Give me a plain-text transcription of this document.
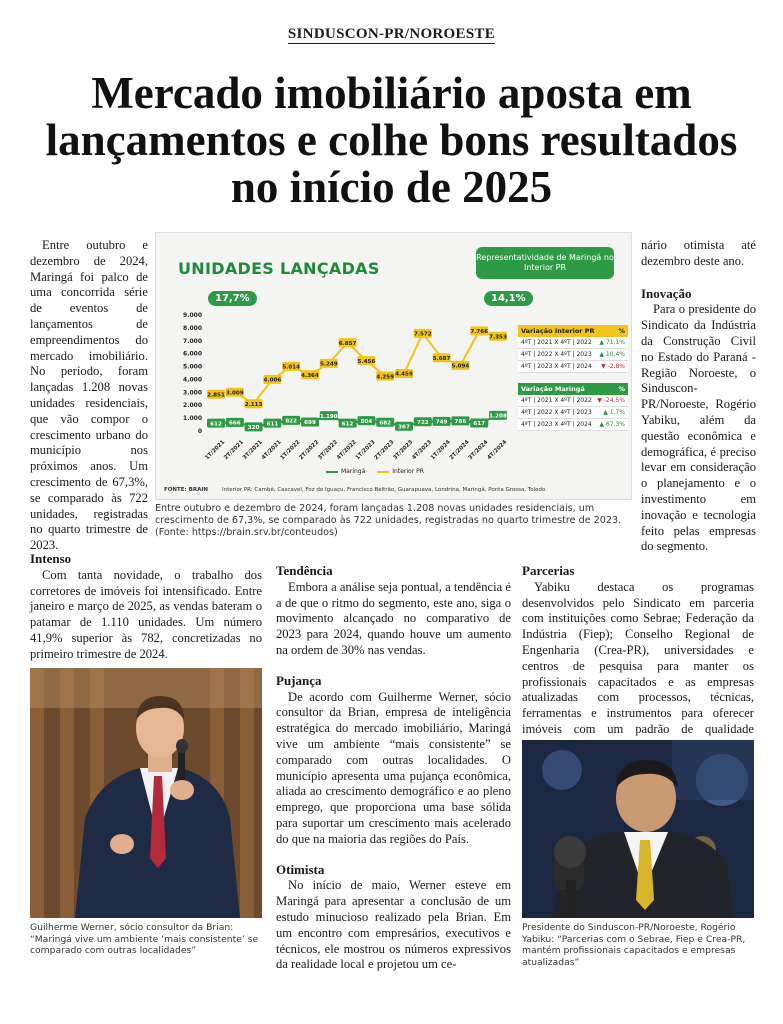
SINDUSCON-PR/NOROESTE
Mercado imobiliário aposta em lançamentos e colhe bons resultados no início de 2025

Entre outubro e dezembro de 2024, Maringá foi palco de uma concorrida série de eventos de lançamentos de empreendimentos do mercado imobiliário. No período, foram lançadas 1.208 novas unidades residenciais, que vão compor o crescimento urbano do município nos próximos anos. Um crescimento de 67,3%, se comparado às 722 unidades, registradas no quarto trimestre de 2023.

nário otimista até dezembro deste ano.

Inovação

Para o presidente do Sindicato da Indústria da Construção Civil no Estado do Paraná - Região Noroeste, o Sinduscon-PR/Noroeste, Rogério Yabiku, além da questão econômica e demográfica, é preciso levar em consideração o planejamento e o investimento em inovação e tecnologia feito pelas empresas do segmento.

UNIDADES LANÇADAS
Representatividade de Maringá no Interior PR
17,7%	14,1%
9.000
8.000
7.000
6.000
5.000
4.000
3.000
2.000
1.000
0
1T/2021
2T/2021
3T/2021
4T/2021
1T/2022
2T/2022
3T/2022
4T/2022
1T/2023
2T/2023
3T/2023
4T/2023
1T/2024
2T/2024
3T/2024
4T/2024
612 666
320
611 822 699
1.190
612 804 682
367
722 749 786 617
1.208
2.851 3.009
2.113
4.006
5.014
4.364
5.249
6.857
5.456
4.259 4.459
7.572
5.687
5.094
7.766
7.353
Variação Interior PR	%
4ºT | 2021 X 4ºT | 2022 ▲ 71,1%
4ºT | 2022 X 4ºT | 2023 ▲ 10,4%
4ºT | 2023 X 4ºT | 2024 ▼ -2,8%
Variação Maringá	%
4ºT | 2021 X 4ºT | 2022 ▼ -24,5%
4ºT | 2022 X 4ºT | 2023 ▲ 1,7%
4ºT | 2023 X 4ºT | 2024 ▲ 67,3%
Maringá	Interior PR
FONTE: BRAIN	Interior PR: Cambé, Cascavel, Foz do Iguaçu, Francisco Beltrão, Guarapuava, Londrina, Maringá, Ponta Grossa, Toledo
Entre outubro e dezembro de 2024, foram lançadas 1.208 novas unidades residenciais, um crescimento de 67,3%, se comparado às 722 unidades, registradas no quarto trimestre de 2023. (Fonte: https://brain.srv.br/conteudos)
Intenso

Com tanta novidade, o trabalho dos corretores de imóveis foi intensificado. Entre janeiro e março de 2025, as vendas bateram o patamar de 1.110 unidades. Um número 41,9% superior às 782, concretizadas no primeiro trimestre de 2024.

Tendência

Embora a análise seja pontual, a tendência é a de que o ritmo do segmento, este ano, siga o movimento alcançado no comparativo de 2023 para 2024, quando houve um aumento na ordem de 30% nas vendas.

Pujança

De acordo com Guilherme Werner, sócio consultor da Brian, empresa de inteligência estratégica do mercado imobiliário, Maringá vive um ambiente “mais consistente” se comparado com outras localidades. O município apresenta uma pujança econômica, aliada ao crescimento demográfico e ao pleno emprego, que proporciona uma base sólida para suportar um crescimento mais acelerado do que na maioria das regiões do País.

Otimista

No início de maio, Werner esteve em Maringá para apresentar a conclusão de um estudo minucioso realizado pela Brian. Em um encontro com empresários, executivos e técnicos, ele mostrou os números expressivos da realidade local e projetou um ce-

Parcerias

Yabiku destaca os programas desenvolvidos pelo Sindicato em parceria com instituições como Sebrae; Federação da Indústria (Fiep); Conselho Regional de Engenharia (Crea-PR), universidades e centros de pesquisa para manter os profissionais capacitados e as empresas atualizadas com processos, técnicas, ferramentas e instrumentos para oferecer imóveis com um padrão de qualidade

Guilherme Werner, sócio consultor da Brian: “Maringá vive um ambiente ‘mais consistente’ se comparado com outras localidades”
Presidente do Sinduscon-PR/Noroeste, Rogério Yabiku: “Parcerias com o Sebrae, Fiep e Crea-PR, mantém profissionais capacitados e empresas atualizadas”
